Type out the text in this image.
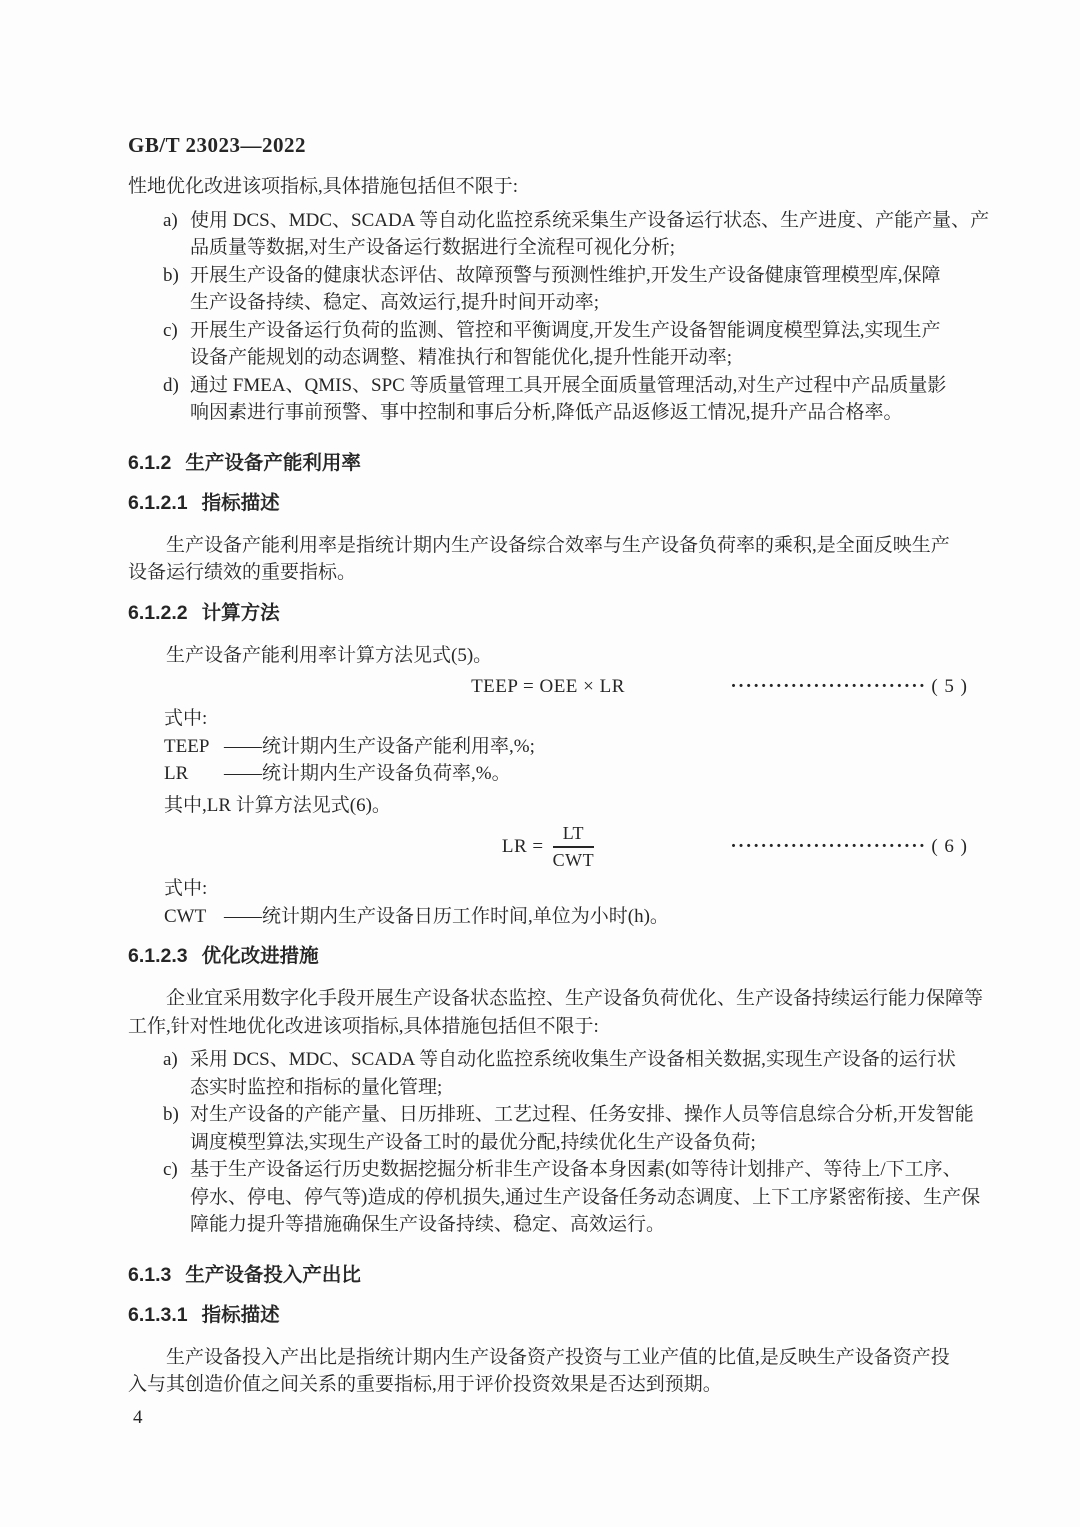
GB/T 23023—2022
性地优化改进该项指标,具体措施包括但不限于:
a) 使用 DCS、MDC、SCADA 等自动化监控系统采集生产设备运行状态、生产进度、产能产量、产
品质量等数据,对生产设备运行数据进行全流程可视化分析;
b) 开展生产设备的健康状态评估、故障预警与预测性维护,开发生产设备健康管理模型库,保障
生产设备持续、稳定、高效运行,提升时间开动率;
c) 开展生产设备运行负荷的监测、管控和平衡调度,开发生产设备智能调度模型算法,实现生产
设备产能规划的动态调整、精准执行和智能优化,提升性能开动率;
d) 通过 FMEA、QMIS、SPC 等质量管理工具开展全面质量管理活动,对生产过程中产品质量影
响因素进行事前预警、事中控制和事后分析,降低产品返修返工情况,提升产品合格率。
6.1.2 生产设备产能利用率
6.1.2.1 指标描述
生产设备产能利用率是指统计期内生产设备综合效率与生产设备负荷率的乘积,是全面反映生产
设备运行绩效的重要指标。
6.1.2.2 计算方法
生产设备产能利用率计算方法见式(5)。
TEEP = OEE × LR	·························· ( 5 )
式中:
TEEP ——统计期内生产设备产能利用率,%;
LR	——统计期内生产设备负荷率,%。
其中,LR 计算方法见式(6)。
LR = $\frac{LT}{\text{CWT}}$	·························· ( 6 )
式中:
CWT ——统计期内生产设备日历工作时间,单位为小时(h)。
6.1.2.3 优化改进措施
企业宜采用数字化手段开展生产设备状态监控、生产设备负荷优化、生产设备持续运行能力保障等
工作,针对性地优化改进该项指标,具体措施包括但不限于:
a) 采用 DCS、MDC、SCADA 等自动化监控系统收集生产设备相关数据,实现生产设备的运行状
态实时监控和指标的量化管理;
b) 对生产设备的产能产量、日历排班、工艺过程、任务安排、操作人员等信息综合分析,开发智能
调度模型算法,实现生产设备工时的最优分配,持续优化生产设备负荷;
c) 基于生产设备运行历史数据挖掘分析非生产设备本身因素(如等待计划排产、等待上/下工序、
停水、停电、停气等)造成的停机损失,通过生产设备任务动态调度、上下工序紧密衔接、生产保
障能力提升等措施确保生产设备持续、稳定、高效运行。
6.1.3 生产设备投入产出比
6.1.3.1 指标描述
生产设备投入产出比是指统计期内生产设备资产投资与工业产值的比值,是反映生产设备资产投
入与其创造价值之间关系的重要指标,用于评价投资效果是否达到预期。
4
